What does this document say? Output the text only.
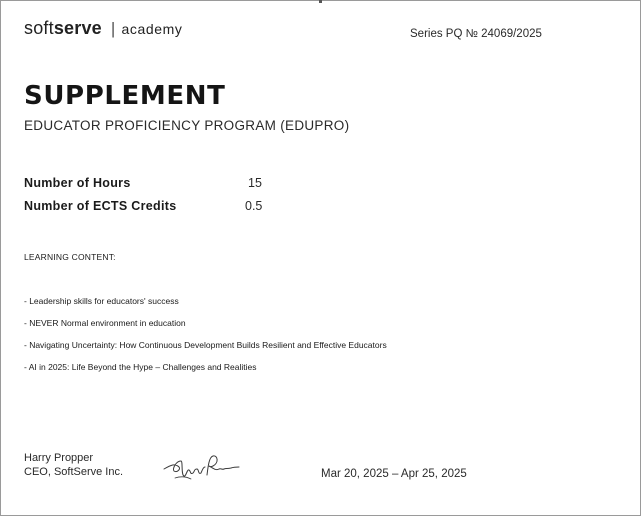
softserve | academy	Series PQ № 24069/2025
SUPPLEMENT
EDUCATOR PROFICIENCY PROGRAM (EDUPRO)
Number of Hours	15
Number of ECTS Credits	0.5
LEARNING CONTENT:
- Leadership skills for educators' success
- NEVER Normal environment in education
- Navigating Uncertainty: How Continuous Development Builds Resilient and Effective Educators
- AI in 2025: Life Beyond the Hype – Challenges and Realities
Harry Propper
CEO, SoftServe Inc.	Mar 20, 2025 – Apr 25, 2025
